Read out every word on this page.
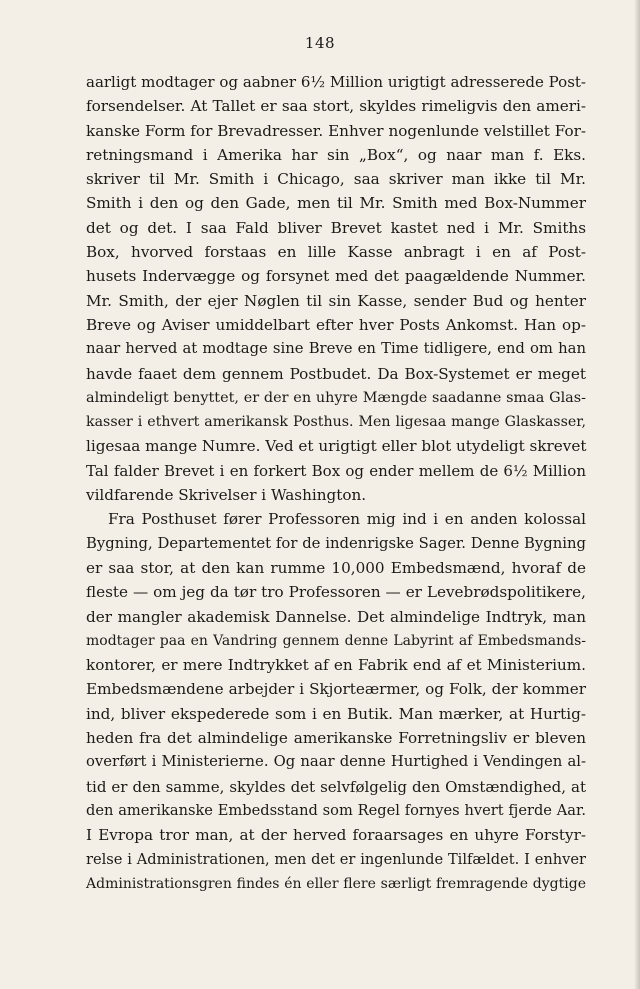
148
aarligt modtager og aabner 6½ Million urigtigt adresserede Post-
forsendelser. At Tallet er saa stort, skyldes rimeligvis den ameri-
kanske Form for Brevadresser. Enhver nogenlunde velstillet For-
retningsmand i Amerika har sin „Box“, og naar man f. Eks.
skriver til Mr. Smith i Chicago, saa skriver man ikke til Mr.
Smith i den og den Gade, men til Mr. Smith med Box-Nummer
det og det. I saa Fald bliver Brevet kastet ned i Mr. Smiths
Box, hvorved forstaas en lille Kasse anbragt i en af Post-
husets Indervægge og forsynet med det paagældende Nummer.
Mr. Smith, der ejer Nøglen til sin Kasse, sender Bud og henter
Breve og Aviser umiddelbart efter hver Posts Ankomst. Han op-
naar herved at modtage sine Breve en Time tidligere, end om han
havde faaet dem gennem Postbudet. Da Box-Systemet er meget
almindeligt benyttet, er der en uhyre Mængde saadanne smaa Glas-
kasser i ethvert amerikansk Posthus. Men ligesaa mange Glaskasser,
ligesaa mange Numre. Ved et urigtigt eller blot utydeligt skrevet
Tal falder Brevet i en forkert Box og ender mellem de 6½ Million
vildfarende Skrivelser i Washington.
Fra Posthuset fører Professoren mig ind i en anden kolossal
Bygning, Departementet for de indenrigske Sager. Denne Bygning
er saa stor, at den kan rumme 10,000 Embedsmænd, hvoraf de
fleste — om jeg da tør tro Professoren — er Levebrødspolitikere,
der mangler akademisk Dannelse. Det almindelige Indtryk, man
modtager paa en Vandring gennem denne Labyrint af Embedsmands-
kontorer, er mere Indtrykket af en Fabrik end af et Ministerium.
Embedsmændene arbejder i Skjorteærmer, og Folk, der kommer
ind, bliver ekspederede som i en Butik. Man mærker, at Hurtig-
heden fra det almindelige amerikanske Forretningsliv er bleven
overført i Ministerierne. Og naar denne Hurtighed i Vendingen al-
tid er den samme, skyldes det selvfølgelig den Omstændighed, at
den amerikanske Embedsstand som Regel fornyes hvert fjerde Aar.
I Evropa tror man, at der herved foraarsages en uhyre Forstyr-
relse i Administrationen, men det er ingenlunde Tilfældet. I enhver
Administrationsgren findes én eller flere særligt fremragende dygtige
